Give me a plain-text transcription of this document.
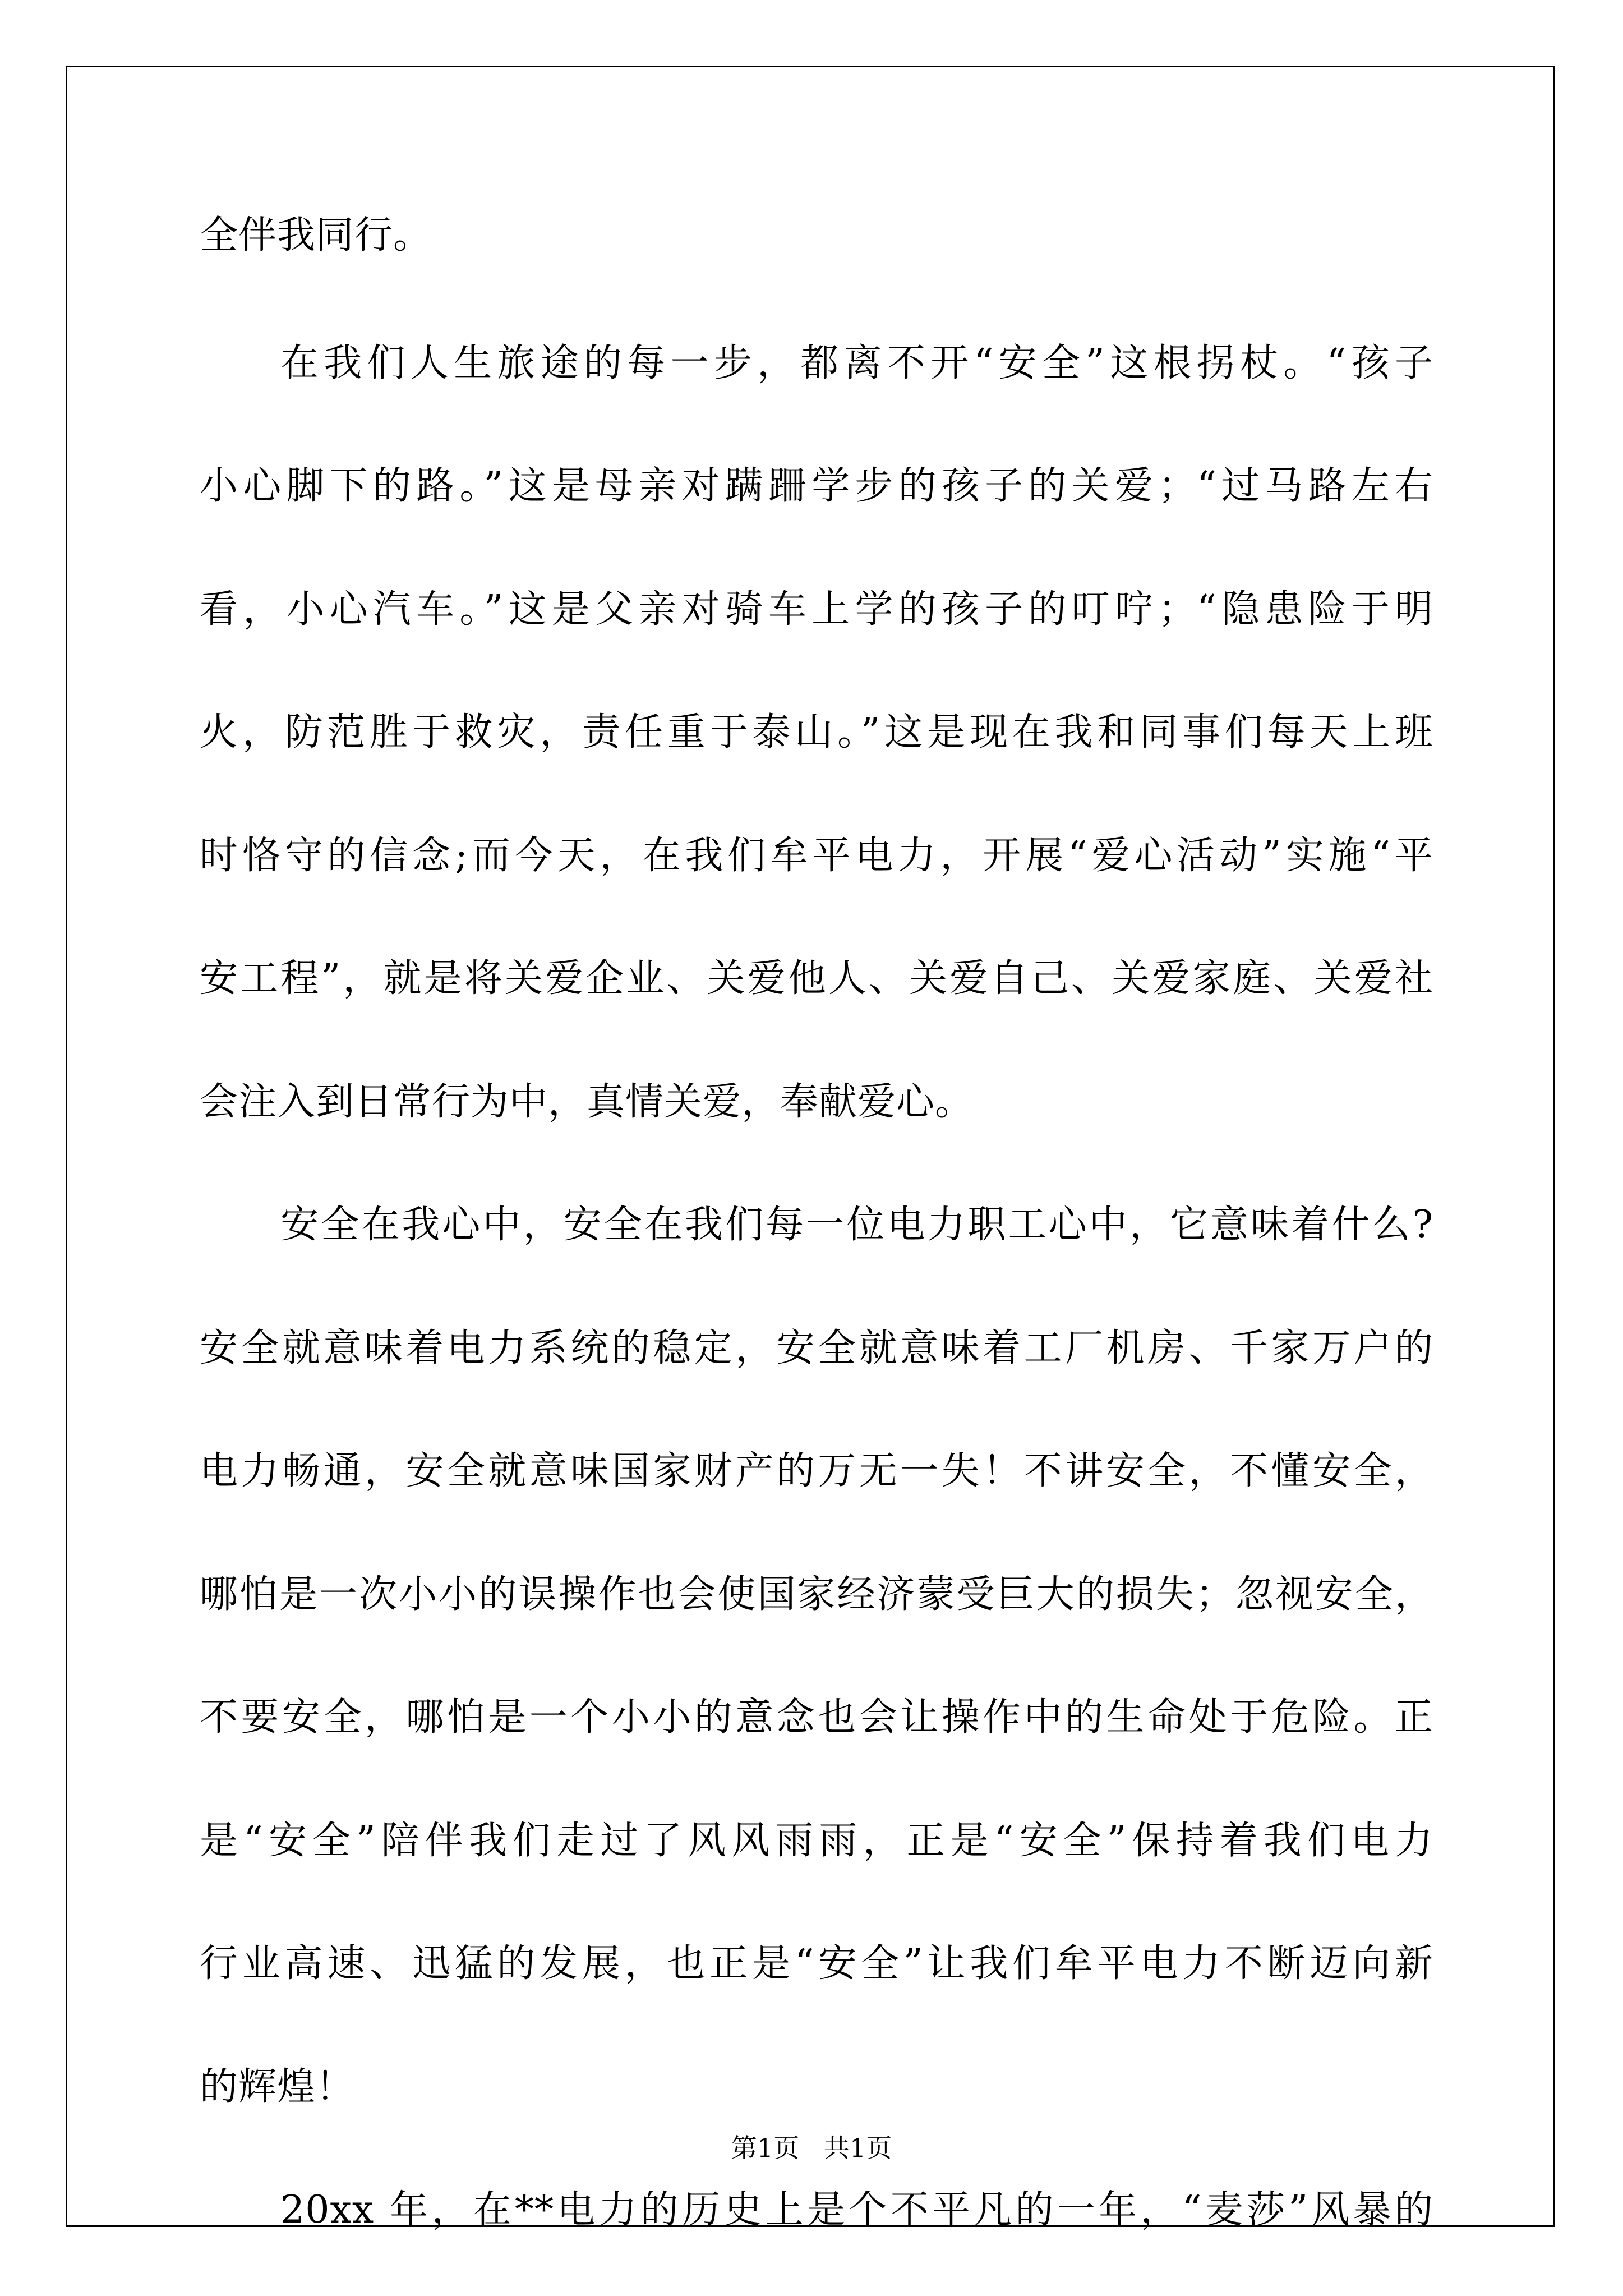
全伴我同行。
在我们人生旅途的每一步，都离不开“安全”这根拐杖。“孩子
小心脚下的路。”这是母亲对蹒跚学步的孩子的关爱；“过马路左右
看，小心汽车。”这是父亲对骑车上学的孩子的叮咛；“隐患险于明
火，防范胜于救灾，责任重于泰山。”这是现在我和同事们每天上班
时恪守的信念;而今天，在我们牟平电力，开展“爱心活动”实施“平
安工程”，就是将关爱企业、关爱他人、关爱自己、关爱家庭、关爱社
会注入到日常行为中，真情关爱，奉献爱心。
安全在我心中，安全在我们每一位电力职工心中，它意味着什么?
安全就意味着电力系统的稳定，安全就意味着工厂机房、千家万户的
电力畅通，安全就意味国家财产的万无一失！不讲安全，不懂安全，
哪怕是一次小小的误操作也会使国家经济蒙受巨大的损失；忽视安全，
不要安全，哪怕是一个小小的意念也会让操作中的生命处于危险。正
是“安全”陪伴我们走过了风风雨雨，正是“安全”保持着我们电力
行业高速、迅猛的发展，也正是“安全”让我们牟平电力不断迈向新
的辉煌！
20xx 年，在**电力的历史上是个不平凡的一年，“麦莎”风暴的
第1页   共1页
